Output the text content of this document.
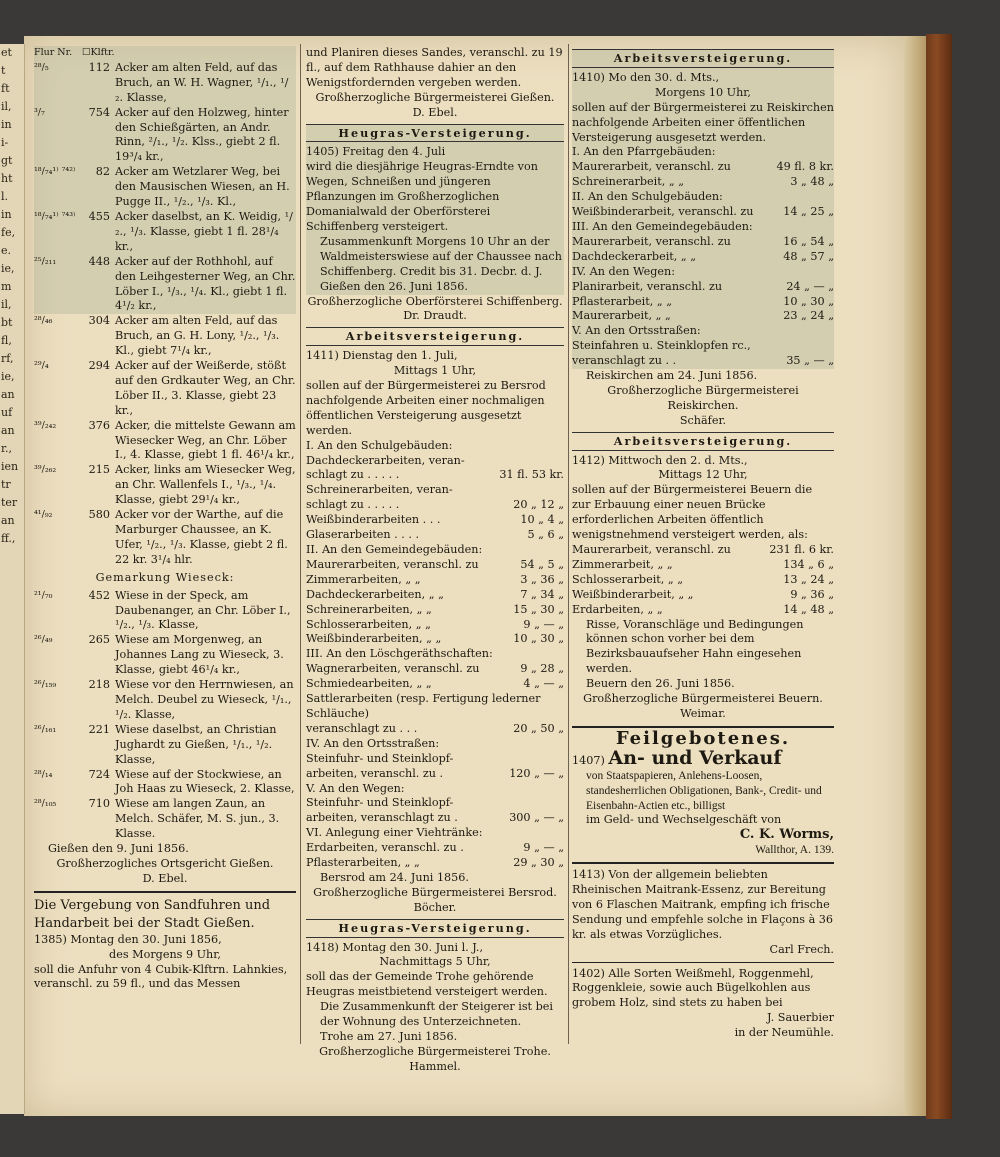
Flur Nr.	☐Klftr.
²⁸/₅	112 Acker am alten Feld, auf das Bruch, an W. H. Wagner, ¹/₁., ¹/₂. Klasse,
³/₇	754 Acker auf den Holzweg, hinter den Schießgärten, an Andr. Rinn, ²/₁., ¹/₂. Klss., giebt 2 fl. 19³/₄ kr.,
¹⁸/₇₄¹⁾ ⁷⁴²⁾	82 Acker am Wetzlarer Weg, bei den Mausischen Wiesen, an H. Pugge II., ¹/₂., ¹/₃. Kl.,
¹⁸/₇₄¹⁾ ⁷⁴³⁾	455 Acker daselbst, an K. Weidig, ¹/₂., ¹/₃. Klasse, giebt 1 fl. 28¹/₄ kr.,
²⁵/₂₁₁	448 Acker auf der Rothhohl, auf den Leihgesterner Weg, an Chr. Löber I., ¹/₃., ¹/₄. Kl., giebt 1 fl. 4¹/₂ kr.,
²⁸/₄₆	304 Acker am alten Feld, auf das Bruch, an G. H. Lony, ¹/₂., ¹/₃. Kl., giebt 7¹/₄ kr.,
²⁹/₄	294 Acker auf der Weißerde, stößt auf den Grdkauter Weg, an Chr. Löber II., 3. Klasse, giebt 23 kr.,
³⁹/₂₄₂	376 Acker, die mittelste Gewann am Wiesecker Weg, an Chr. Löber I., 4. Klasse, giebt 1 fl. 46¹/₄ kr.,
³⁹/₂₆₂	215 Acker, links am Wiesecker Weg, an Chr. Wallenfels I., ¹/₃., ¹/₄. Klasse, giebt 29¹/₄ kr.,
⁴¹/₉₂	580 Acker vor der Warthe, auf die Marburger Chaussee, an K. Ufer, ¹/₂., ¹/₃. Klasse, giebt 2 fl. 22 kr. 3¹/₄ hlr.
Gemarkung Wieseck:
²¹/₇₀	452 Wiese in der Speck, am Daubenanger, an Chr. Löber I., ¹/₂., ¹/₃. Klasse,
²⁶/₄₉	265 Wiese am Morgenweg, an Johannes Lang zu Wieseck, 3. Klasse, giebt 46¹/₄ kr.,
²⁶/₁₅₉	218 Wiese vor den Herrnwiesen, an Melch. Deubel zu Wieseck, ¹/₁., ¹/₂. Klasse,
²⁶/₁₆₁	221 Wiese daselbst, an Christian Jughardt zu Gießen, ¹/₁., ¹/₂. Klasse,
²⁸/₁₄	724 Wiese auf der Stockwiese, an Joh Haas zu Wieseck, 2. Klasse,
²⁸/₁₀₅	710 Wiese am langen Zaun, an Melch. Schäfer, M. S. jun., 3. Klasse.
Gießen den 9. Juni 1856.
Großherzogliches Ortsgericht Gießen.
D. Ebel.
Die Vergebung von Sandfuhren und Handarbeit bei der Stadt Gießen.
1385) Montag den 30. Juni 1856,
des Morgens 9 Uhr,
soll die Anfuhr von 4 Cubik-Klftrn. Lahnkies, veranschl. zu 59 fl., und das Messen
und Planiren dieses Sandes, veranschl. zu 19 fl., auf dem Rathhause dahier an den Wenigstfordernden vergeben werden.
Großherzogliche Bürgermeisterei Gießen.
D. Ebel.
Heugras-Versteigerung.
1405) Freitag den 4. Juli
wird die diesjährige Heugras-Erndte von Wegen, Schneißen und jüngeren Pflanzungen im Großherzoglichen Domanialwald der Oberförsterei Schiffenberg versteigert.
Zusammenkunft Morgens 10 Uhr an der Waldmeisterswiese auf der Chaussee nach Schiffenberg. Credit bis 31. Decbr. d. J.
Gießen den 26. Juni 1856.
Großherzogliche Oberförsterei Schiffenberg.
Dr. Draudt.
Arbeitsversteigerung.
1411) Dienstag den 1. Juli,
Mittags 1 Uhr,
sollen auf der Bürgermeisterei zu Bersrod nachfolgende Arbeiten einer nochmaligen öffentlichen Versteigerung ausgesetzt werden.
I. An den Schulgebäuden:
Dachdeckerarbeiten, veran-
schlagt zu . . . . .	31 fl. 53 kr.
Schreinerarbeiten, veran-
schlagt zu . . . . .	20 „ 12 „
Weißbinderarbeiten . . .	10 „ 4 „
Glaserarbeiten . . . .	5 „ 6 „
II. An den Gemeindegebäuden:
Maurerarbeiten, veranschl. zu	54 „ 5 „
Zimmerarbeiten, „ „	3 „ 36 „
Dachdeckerarbeiten, „ „	7 „ 34 „
Schreinerarbeiten, „ „	15 „ 30 „
Schlosserarbeiten, „ „	9 „ — „
Weißbinderarbeiten, „ „	10 „ 30 „
III. An den Löschgeräthschaften:
Wagnerarbeiten, veranschl. zu	9 „ 28 „
Schmiedearbeiten, „ „	4 „ — „
Sattlerarbeiten (resp. Fertigung lederner Schläuche)
veranschlagt zu . . .	20 „ 50 „
IV. An den Ortsstraßen:
Steinfuhr- und Steinklopf-
arbeiten, veranschl. zu .	120 „ — „
V. An den Wegen:
Steinfuhr- und Steinklopf-
arbeiten, veranschlagt zu .	300 „ — „
VI. Anlegung einer Viehtränke:
Erdarbeiten, veranschl. zu .	9 „ — „
Pflasterarbeiten, „ „	29 „ 30 „
Bersrod am 24. Juni 1856.
Großherzogliche Bürgermeisterei Bersrod.
Böcher.
Heugras-Versteigerung.
1418) Montag den 30. Juni l. J.,
Nachmittags 5 Uhr,
soll das der Gemeinde Trohe gehörende Heugras meistbietend versteigert werden.
Die Zusammenkunft der Steigerer ist bei der Wohnung des Unterzeichneten.
Trohe am 27. Juni 1856.
Großherzogliche Bürgermeisterei Trohe.
Hammel.
Arbeitsversteigerung.
1410) Mo den 30. d. Mts.,
Morgens 10 Uhr,
sollen auf der Bürgermeisterei zu Reiskirchen nachfolgende Arbeiten einer öffentlichen Versteigerung ausgesetzt werden.
I. An den Pfarrgebäuden:
Maurerarbeit, veranschl. zu	49 fl. 8 kr.
Schreinerarbeit, „ „	3 „ 48 „
II. An den Schulgebäuden:
Weißbinderarbeit, veranschl. zu	14 „ 25 „
III. An den Gemeindegebäuden:
Maurerarbeit, veranschl. zu	16 „ 54 „
Dachdeckerarbeit, „ „	48 „ 57 „
IV. An den Wegen:
Planirarbeit, veranschl. zu	24 „ — „
Pflasterarbeit, „ „	10 „ 30 „
Maurerarbeit, „ „	23 „ 24 „
V. An den Ortsstraßen:
Steinfahren u. Steinklopfen rc.,
veranschlagt zu . .	35 „ — „
Reiskirchen am 24. Juni 1856.
Großherzogliche Bürgermeisterei Reiskirchen.
Schäfer.
Arbeitsversteigerung.
1412) Mittwoch den 2. d. Mts.,
Mittags 12 Uhr,
sollen auf der Bürgermeisterei Beuern die zur Erbauung einer neuen Brücke erforderlichen Arbeiten öffentlich wenigstnehmend versteigert werden, als:
Maurerarbeit, veranschl. zu	231 fl. 6 kr.
Zimmerarbeit, „ „	134 „ 6 „
Schlosserarbeit, „ „	13 „ 24 „
Weißbinderarbeit, „ „	9 „ 36 „
Erdarbeiten, „ „	14 „ 48 „
Risse, Voranschläge und Bedingungen können schon vorher bei dem Bezirksbauaufseher Hahn eingesehen werden.
Beuern den 26. Juni 1856.
Großherzogliche Bürgermeisterei Beuern.
Weimar.
Feilgebotenes.
1407) An- und Verkauf
von Staatspapieren, Anlehens-Loosen, standesherrlichen Obligationen, Bank-, Credit- und Eisenbahn-Actien etc., billigst
im Geld- und Wechselgeschäft von
C. K. Worms,
Wallthor, A. 139.
1413) Von der allgemein beliebten Rheinischen Maitrank-Essenz, zur Bereitung von 6 Flaschen Maitrank, empfing ich frische Sendung und empfehle solche in Flaçons à 36 kr. als etwas Vorzügliches.
Carl Frech.
1402) Alle Sorten Weißmehl, Roggenmehl, Roggenkleie, sowie auch Bügelkohlen aus grobem Holz, sind stets zu haben bei
J. Sauerbier
in der Neumühle.
et
t
ft
il,
in
i-
gt
ht
l.
in
fe,
e.
ie,
m
il,
bt
fl,
rf,
ie,
an
uf
an
r.,
ien
tr
ter
an
ff.,
